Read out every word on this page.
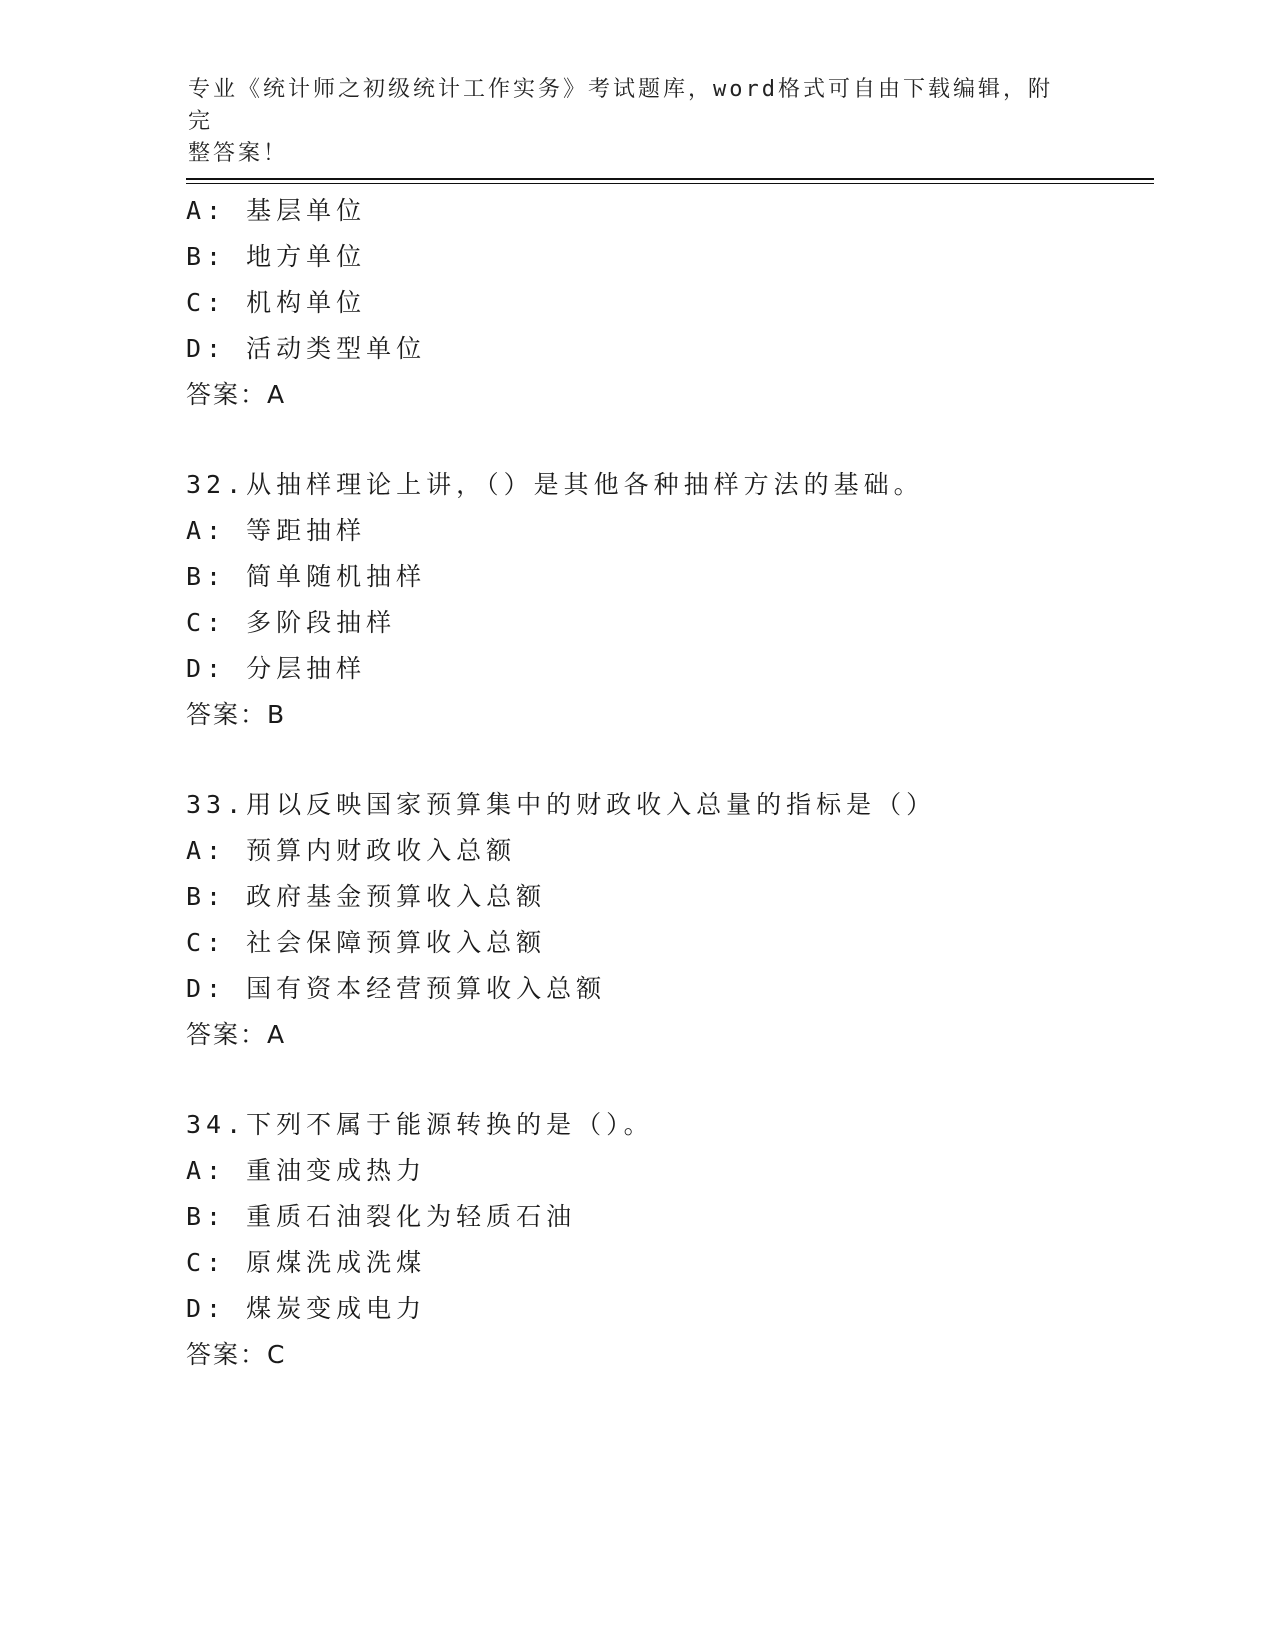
专业《统计师之初级统计工作实务》考试题库，word格式可自由下载编辑，附完
整答案！
A: 基层单位
B: 地方单位
C: 机构单位
D: 活动类型单位
答案：A
32.从抽样理论上讲，（）是其他各种抽样方法的基础。
A: 等距抽样
B: 简单随机抽样
C: 多阶段抽样
D: 分层抽样
答案：B
33.用以反映国家预算集中的财政收入总量的指标是（）
A: 预算内财政收入总额
B: 政府基金预算收入总额
C: 社会保障预算收入总额
D: 国有资本经营预算收入总额
答案：A
34.下列不属于能源转换的是（）。
A: 重油变成热力
B: 重质石油裂化为轻质石油
C: 原煤洗成洗煤
D: 煤炭变成电力
答案：C
